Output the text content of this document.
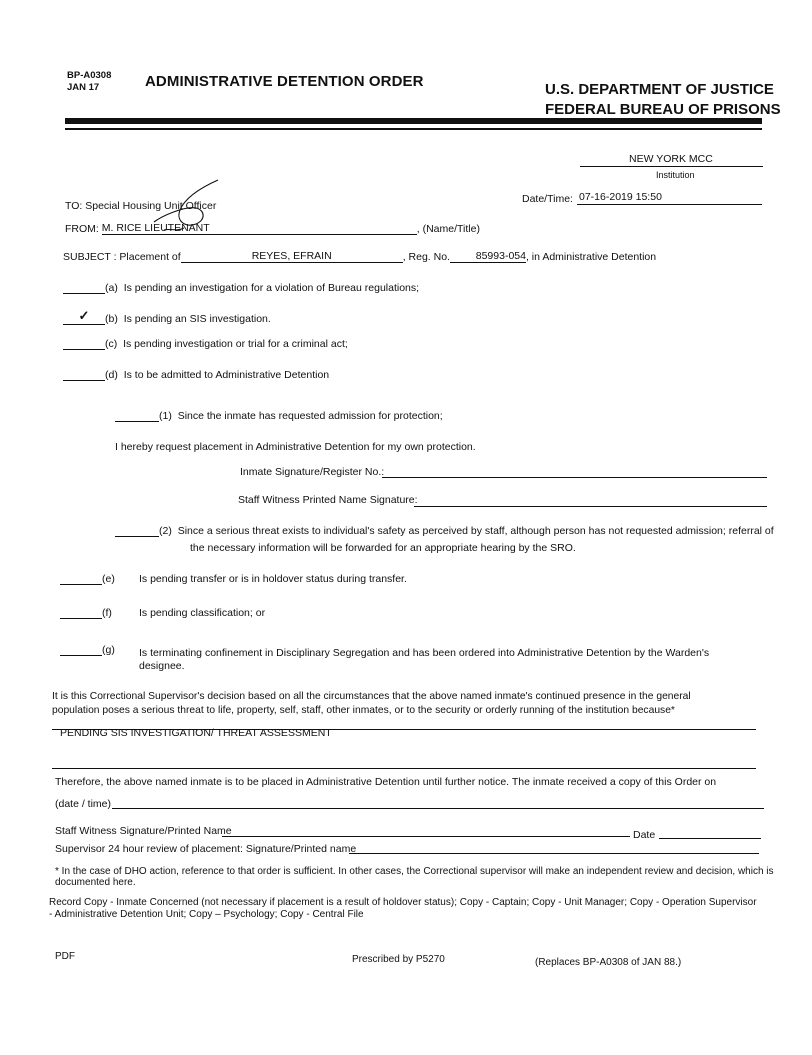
BP-A0308
JAN 17	ADMINISTRATIVE DETENTION ORDER	U.S. DEPARTMENT OF JUSTICE
FEDERAL BUREAU OF PRISONS
NEW YORK MCC
Institution
Date/Time: 07-16-2019 15:50
TO: Special Housing Unit Officer
FROM: M. RICE LIEUTENANT	, (Name/Title)
SUBJECT : Placement of	REYES, EFRAIN	, Reg. No. 85993-054, in Administrative Detention
(a) Is pending an investigation for a violation of Bureau regulations;
✓ (b) Is pending an SIS investigation.
(c) Is pending investigation or trial for a criminal act;
(d) Is to be admitted to Administrative Detention
(1) Since the inmate has requested admission for protection;
I hereby request placement in Administrative Detention for my own protection.
Inmate Signature/Register No.:
Staff Witness Printed Name Signature:
(2) Since a serious threat exists to individual's safety as perceived by staff, although person has not requested admission; referral of
the necessary information will be forwarded for an appropriate hearing by the SRO.
(e) Is pending transfer or is in holdover status during transfer.
(f)	Is pending classification; or
(g) Is terminating confinement in Disciplinary Segregation and has been ordered into Administrative Detention by the Warden's
designee.
It is this Correctional Supervisor's decision based on all the circumstances that the above named inmate's continued presence in the general
population poses a serious threat to life, property, self, staff, other inmates, or to the security or orderly running of the institution because*
PENDING SIS INVESTIGATION/ THREAT ASSESSMENT
Therefore, the above named inmate is to be placed in Administrative Detention until further notice. The inmate received a copy of this Order on
(date / time)
Staff Witness Signature/Printed Name	Date
Supervisor 24 hour review of placement: Signature/Printed name
* In the case of DHO action, reference to that order is sufficient. In other cases, the Correctional supervisor will make an independent review and decision, which is
documented here.
Record Copy - Inmate Concerned (not necessary if placement is a result of holdover status); Copy - Captain; Copy - Unit Manager; Copy - Operation Supervisor
- Administrative Detention Unit; Copy – Psychology; Copy - Central File
PDF	Prescribed by P5270	(Replaces BP-A0308 of JAN 88.)
